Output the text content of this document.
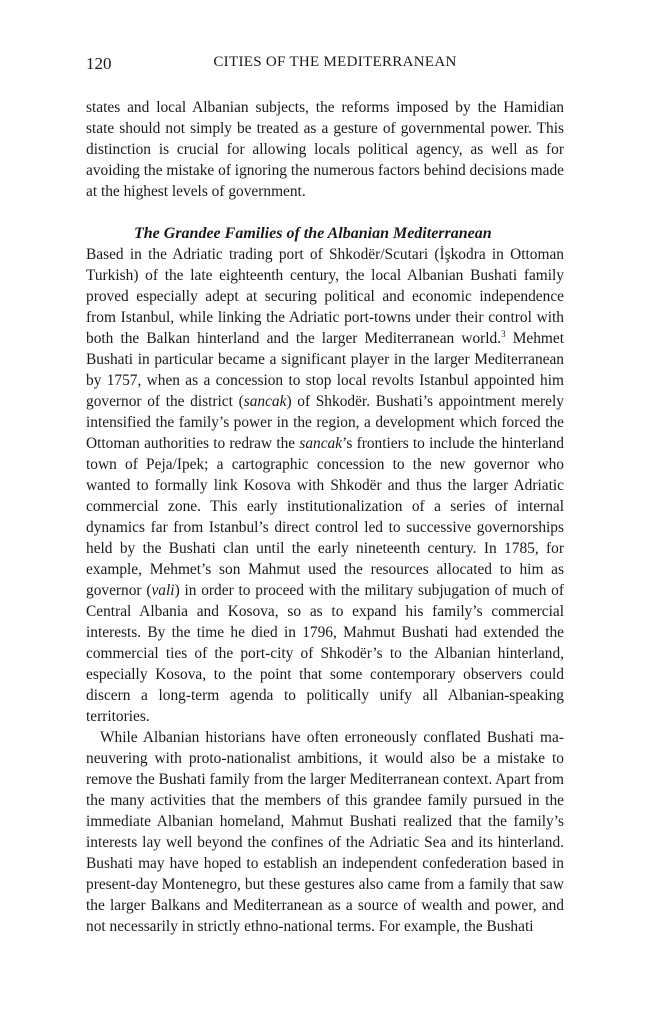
120	CITIES OF THE MEDITERRANEAN

states and local Albanian subjects, the reforms imposed by the Hamidian state should not simply be treated as a gesture of governmental power. This distinction is crucial for allowing locals political agency, as well as for avoiding the mistake of ignoring the numerous factors behind decisions made at the highest levels of government.

The Grandee Families of the Albanian Mediterranean

Based in the Adriatic trading port of Shkodër/Scutari (İşkodra in Ottoman Turkish) of the late eighteenth century, the local Albanian Bushati family proved especially adept at securing political and economic independence from Istanbul, while linking the Adriatic port-towns under their control with both the Balkan hinterland and the larger Mediterranean world.$^3$ Mehmet Bushati in particular became a significant player in the larger Mediterranean by 1757, when as a concession to stop local revolts Istanbul appointed him governor of the district (sancak) of Shkodër. Bushati’s appointment merely intensified the family’s power in the region, a development which forced the Ottoman authorities to redraw the sancak’s frontiers to include the hinterland town of Peja/Ipek; a cartographic concession to the new governor who wanted to formally link Kosova with Shkodër and thus the larger Adriatic commercial zone. This early institutionalization of a series of internal dynamics far from Istanbul’s direct control led to successive governorships held by the Bushati clan until the early nineteenth century. In 1785, for example, Mehmet’s son Mahmut used the resources allocated to him as governor (vali) in order to proceed with the military subjugation of much of Central Albania and Kosova, so as to expand his family’s commercial interests. By the time he died in 1796, Mahmut Bushati had extended the commercial ties of the port-city of Shkodër’s to the Albanian hinterland, especially Kosova, to the point that some contemporary observers could discern a long-term agenda to politically unify all Albanian-speaking territories.

While Albanian historians have often erroneously conflated Bushati maneuvering with proto-nationalist ambitions, it would also be a mistake to remove the Bushati family from the larger Mediterranean context. Apart from the many activities that the members of this grandee family pursued in the immediate Albanian homeland, Mahmut Bushati realized that the family’s interests lay well beyond the confines of the Adriatic Sea and its hinterland. Bushati may have hoped to establish an independent confederation based in present-day Montenegro, but these gestures also came from a family that saw the larger Balkans and Mediterranean as a source of wealth and power, and not necessarily in strictly ethno-national terms. For example, the Bushati
